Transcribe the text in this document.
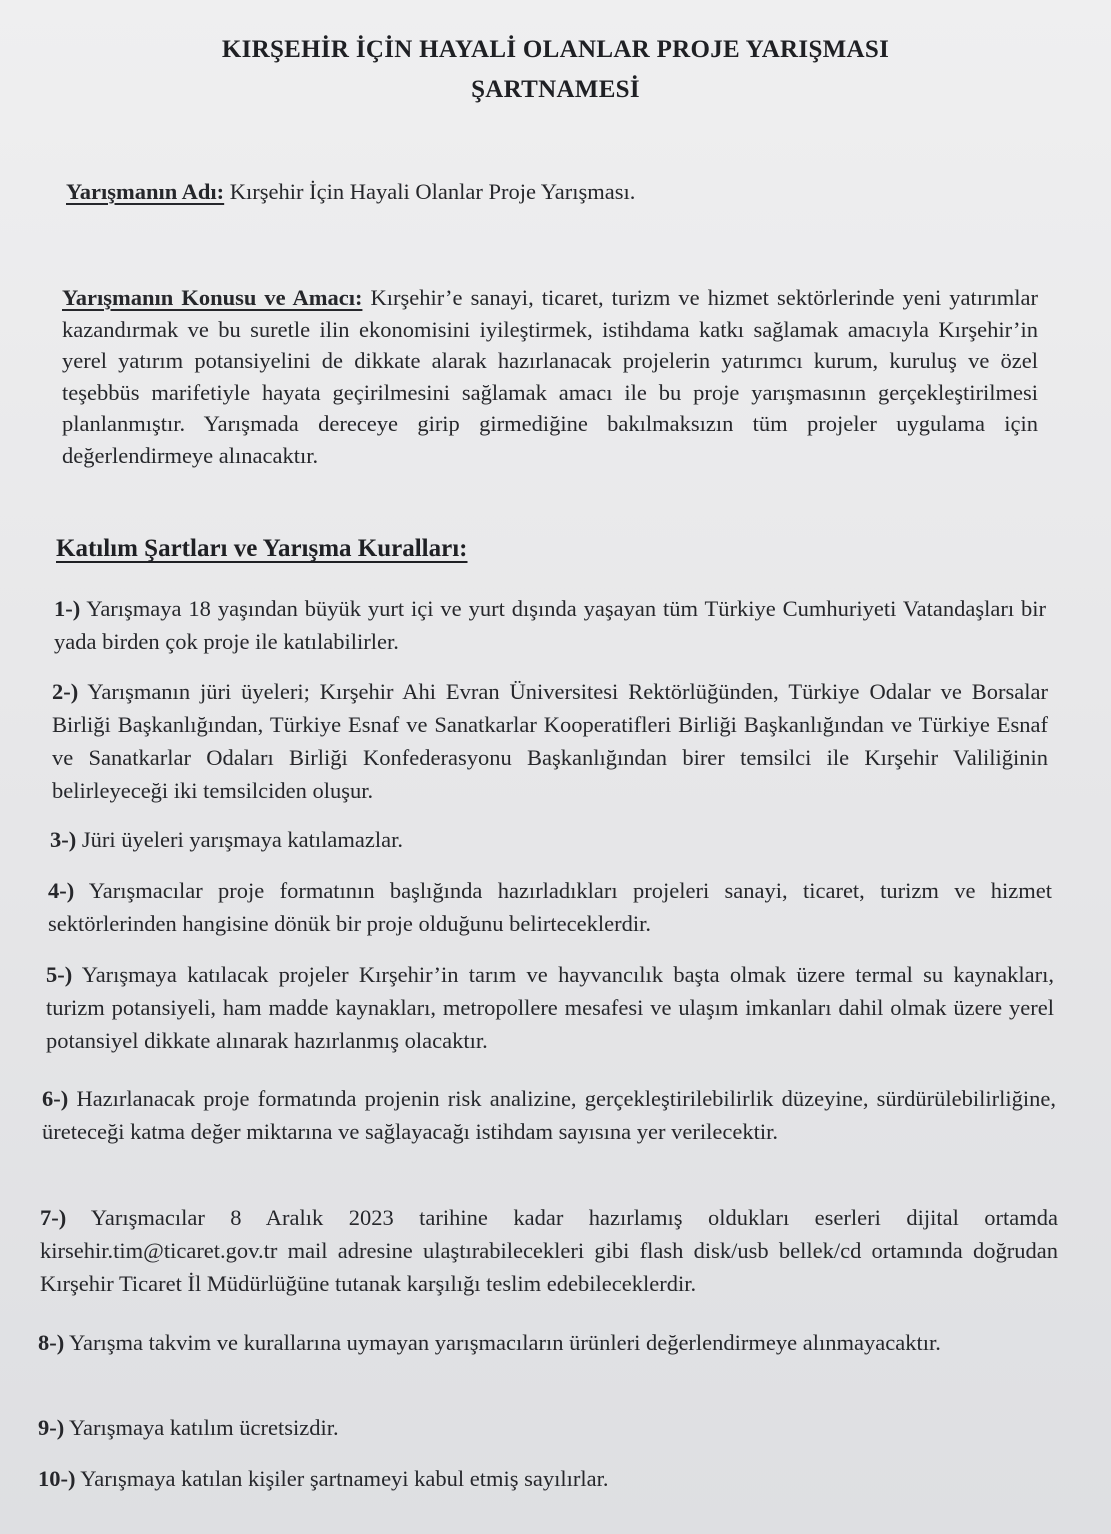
KIRŞEHİR İÇİN HAYALİ OLANLAR PROJE YARIŞMASI
ŞARTNAMESİ
Yarışmanın Adı: Kırşehir İçin Hayali Olanlar Proje Yarışması.
Yarışmanın Konusu ve Amacı: Kırşehir’e sanayi, ticaret, turizm ve hizmet sektörlerinde yeni yatırımlar kazandırmak ve bu suretle ilin ekonomisini iyileştirmek, istihdama katkı sağlamak amacıyla Kırşehir’in yerel yatırım potansiyelini de dikkate alarak hazırlanacak projelerin yatırımcı kurum, kuruluş ve özel teşebbüs marifetiyle hayata geçirilmesini sağlamak amacı ile bu proje yarışmasının gerçekleştirilmesi planlanmıştır. Yarışmada dereceye girip girmediğine bakılmaksızın tüm projeler uygulama için değerlendirmeye alınacaktır.
Katılım Şartları ve Yarışma Kuralları:
1-) Yarışmaya 18 yaşından büyük yurt içi ve yurt dışında yaşayan tüm Türkiye Cumhuriyeti Vatandaşları bir yada birden çok proje ile katılabilirler.
2-) Yarışmanın jüri üyeleri; Kırşehir Ahi Evran Üniversitesi Rektörlüğünden, Türkiye Odalar ve Borsalar Birliği Başkanlığından, Türkiye Esnaf ve Sanatkarlar Kooperatifleri Birliği Başkanlığından ve Türkiye Esnaf ve Sanatkarlar Odaları Birliği Konfederasyonu Başkanlığından birer temsilci ile Kırşehir Valiliğinin belirleyeceği iki temsilciden oluşur.
3-) Jüri üyeleri yarışmaya katılamazlar.
4-) Yarışmacılar proje formatının başlığında hazırladıkları projeleri sanayi, ticaret, turizm ve hizmet sektörlerinden hangisine dönük bir proje olduğunu belirteceklerdir.
5-) Yarışmaya katılacak projeler Kırşehir’in tarım ve hayvancılık başta olmak üzere termal su kaynakları, turizm potansiyeli, ham madde kaynakları, metropollere mesafesi ve ulaşım imkanları dahil olmak üzere yerel potansiyel dikkate alınarak hazırlanmış olacaktır.
6-) Hazırlanacak proje formatında projenin risk analizine, gerçekleştirilebilirlik düzeyine, sürdürülebilirliğine, üreteceği katma değer miktarına ve sağlayacağı istihdam sayısına yer verilecektir.
7-) Yarışmacılar 8 Aralık 2023 tarihine kadar hazırlamış oldukları eserleri dijital ortamda kirsehir.tim@ticaret.gov.tr mail adresine ulaştırabilecekleri gibi flash disk/usb bellek/cd ortamında doğrudan Kırşehir Ticaret İl Müdürlüğüne tutanak karşılığı teslim edebileceklerdir.
8-) Yarışma takvim ve kurallarına uymayan yarışmacıların ürünleri değerlendirmeye alınmayacaktır.
9-) Yarışmaya katılım ücretsizdir.
10-) Yarışmaya katılan kişiler şartnameyi kabul etmiş sayılırlar.
